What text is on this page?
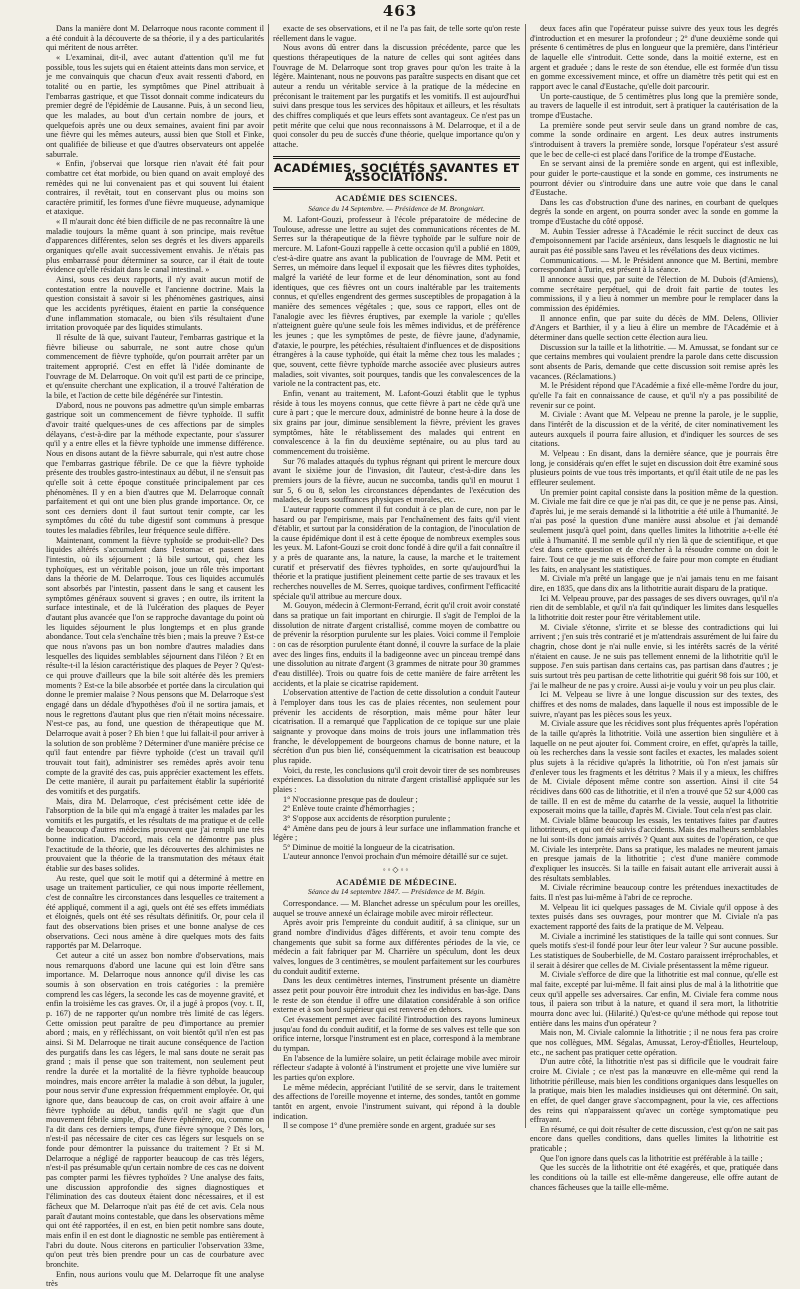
463

Dans la manière dont M. Delarroque nous raconte comment il a été conduit à la découverte de sa théorie, il y a des particularités qui méritent de nous arrêter.

« L'examinai, dit-il, avec autant d'attention qu'il me fut possible, tous les sujets qui en étaient atteints dans mon service, et je me convainquis que chacun d'eux avait ressenti d'abord, en totalité ou en partie, les symptômes que Pinel attribuait à l'embarras gastrique, et que Tissot donnait comme indicateurs du premier degré de l'épidémie de Lausanne. Puis, à un second lieu, que les malades, au bout d'un certain nombre de jours, et quelquefois après une ou deux semaines, avaient fini par avoir une fièvre qui les mêmes auteurs, aussi bien que Stoll et Finke, ont qualifiée de bilieuse et que d'autres observateurs ont appelée saburrale.

« Enfin, j'observai que lorsque rien n'avait été fait pour combattre cet état morbide, ou bien quand on avait employé des remèdes qui ne lui convenaient pas et qui souvent lui étaient contraires, il revêtait, tout en conservant plus ou moins son caractère primitif, les formes d'une fièvre muqueuse, adynamique et ataxique.

« Il m'aurait donc été bien difficile de ne pas reconnaître là une maladie toujours la même quant à son principe, mais revêtue d'apparences différentes, selon ses degrés et les divers appareils organiques qu'elle avait successivement envahis. Je n'étais pas plus embarrassé pour déterminer sa source, car il était de toute évidence qu'elle résidait dans le canal intestinal. »

Ainsi, sous ces deux rapports, il n'y avait aucun motif de contestation entre la nouvelle et l'ancienne doctrine. Mais la question consistait à savoir si les phénomènes gastriques, ainsi que les accidents pyrétiques, étaient en partie la conséquence d'une inflammation stomacale, ou bien s'ils résultaient d'une irritation provoquée par des liquides stimulants.

Il résulte de là que, suivant l'auteur, l'embarras gastrique et la fièvre bilieuse ou saburrale, ne sont autre chose qu'un commencement de fièvre typhoïde, qu'on pourrait arrêter par un traitement approprié. C'est en effet là l'idée dominante de l'ouvrage de M. Delarroque. On voit qu'il est parti de ce principe, et qu'ensuite cherchant une explication, il a trouvé l'altération de la bile, et l'action de cette bile dégénérée sur l'intestin.

D'abord, nous ne pouvons pas admettre qu'un simple embarras gastrique soit un commencement de fièvre typhoïde. Il suffit d'avoir traité quelques-unes de ces affections par de simples délayans, c'est-à-dire par la méthode expectante, pour s'assurer qu'il y a entre elles et la fièvre typhoïde une immense différence. Nous en disons autant de la fièvre saburrale, qui n'est autre chose que l'embarras gastrique fébrile. De ce que la fièvre typhoïde présente des troubles gastro-intestinaux au début, il ne s'ensuit pas qu'elle soit à cette époque constituée principalement par ces phénomènes. Il y en a bien d'autres que M. Delarroque connaît parfaitement et qui ont une bien plus grande importance. Or, ce sont ces derniers dont il faut surtout tenir compte, car les symptômes du côté du tube digestif sont communs à presque toutes les maladies fébriles, leur fréquence seule diffère.

Maintenant, comment la fièvre typhoïde se produit-elle? Des liquides altérés s'accumulent dans l'estomac et passent dans l'intestin, où ils séjournent ; là bile surtout, qui, chez les typhoïques, est un véritable poison, joue un rôle très important dans la théorie de M. Delarroque. Tous ces liquides accumulés sont absorbés par l'intestin, passent dans le sang et causent les symptômes généraux souvent si graves ; en outre, ils irritent la surface intestinale, et de là l'ulcération des plaques de Peyer d'autant plus avancée que l'on se rapproche davantage du point où les liquides séjournent le plus longtemps et en plus grande abondance. Tout cela s'enchaîne très bien ; mais la preuve ? Est-ce que nous n'avons pas un bon nombre d'autres maladies dans lesquelles des liquides semblables séjournent dans l'iléon ? Et en résulte-t-il la lésion caractéristique des plaques de Peyer ? Qu'est-ce qui prouve d'ailleurs que la bile soit altérée dès les premiers moments ? Est-ce la bile absorbée et portée dans la circulation qui donne le premier malaise ? Nous pensons que M. Delarroque s'est engagé dans un dédale d'hypothèses d'où il ne sortira jamais, et nous le regrettons d'autant plus que rien n'était moins nécessaire. N'est-ce pas, au fond, une question de thérapeutique que M. Delarroque avait à poser ? Eh bien ! que lui fallait-il pour arriver à la solution de son problème ? Déterminer d'une manière précise ce qu'il faut entendre par fièvre typhoïde (c'est un travail qu'il trouvait tout fait), administrer ses remèdes après avoir tenu compte de la gravité des cas, puis apprécier exactement les effets. De cette manière, il aurait pu parfaitement établir la supériorité des vomitifs et des purgatifs.

Mais, dira M. Delarroque, c'est précisément cette idée de l'absorption de la bile qui m'a engagé à traiter les malades par les vomitifs et les purgatifs, et les résultats de ma pratique et de celle de beaucoup d'autres médecins prouvent que j'ai rempli une très bonne indication. D'accord, mais cela ne démontre pas plus l'exactitude de la théorie, que les découvertes des alchimistes ne prouvaient que la théorie de la transmutation des métaux était établie sur des bases solides.

Au reste, quel que soit le motif qui a déterminé à mettre en usage un traitement particulier, ce qui nous importe réellement, c'est de connaître les circonstances dans lesquelles ce traitement a été appliqué, comment il a agi, quels ont été ses effets immédiats et éloignés, quels ont été ses résultats définitifs. Or, pour cela il faut des observations bien prises et une bonne analyse de ces observations. Ceci nous amène à dire quelques mots des faits rapportés par M. Delarroque.

Cet auteur a cité un assez bon nombre d'observations, mais nous remarquons d'abord une lacune qui est loin d'être sans importance. M. Delarroque nous annonce qu'il divise les cas soumis à son observation en trois catégories : la première comprend les cas légers, la seconde les cas de moyenne gravité, et enfin la troisième les cas graves. Or, il a jugé à propos (voy. t. II, p. 167) de ne rapporter qu'un nombre très limité de cas légers. Cette omission peut paraître de peu d'importance au premier abord ; mais, en y réfléchissant, on voit bientôt qu'il n'en est pas ainsi. Si M. Delarroque ne tirait aucune conséquence de l'action des purgatifs dans les cas légers, le mal sans doute ne serait pas grand ; mais il pense que son traitement, non seulement peut rendre la durée et la mortalité de la fièvre typhoïde beaucoup moindres, mais encore arrêter la maladie à son début, la juguler, pour nous servir d'une expression fréquemment employée. Or, qui ignore que, dans beaucoup de cas, on croit avoir affaire à une fièvre typhoïde au début, tandis qu'il ne s'agit que d'un mouvement fébrile simple, d'une fièvre éphémère, ou, comme on l'a dit dans ces derniers temps, d'une fièvre synoque ? Dès lors, n'est-il pas nécessaire de citer ces cas légers sur lesquels on se fonde pour démontrer la puissance du traitement ? Et si M. Delarroque a négligé de rapporter beaucoup de cas très légers, n'est-il pas présumable qu'un certain nombre de ces cas ne doivent pas compter parmi les fièvres typhoïdes ? Une analyse des faits, une discussion approfondie des signes diagnostiques et l'élimination des cas douteux étaient donc nécessaires, et il est fâcheux que M. Delarroque n'ait pas été de cet avis. Cela nous paraît d'autant moins contestable, que dans les observations même qui ont été rapportées, il en est, en bien petit nombre sans doute, mais enfin il en est dont le diagnostic ne semble pas entièrement à l'abri du doute. Nous citerons en particulier l'observation 33me, qu'on peut très bien prendre pour un cas de courbature avec bronchite.

Enfin, nous aurions voulu que M. Delarroque fît une analyse très

exacte de ses observations, et il ne l'a pas fait, de telle sorte qu'on reste réellement dans le vague.

Nous avons dû entrer dans la discussion précédente, parce que les questions thérapeutiques de la nature de celles qui sont agitées dans l'ouvrage de M. Delarroque sont trop graves pour qu'on les traite à la légère. Maintenant, nous ne pouvons pas paraître suspects en disant que cet auteur a rendu un véritable service à la pratique de la médecine en préconisant le traitement par les purgatifs et les vomitifs. Il est aujourd'hui suivi dans presque tous les services des hôpitaux et ailleurs, et les résultats des chiffres compliqués et que leurs effets sont avantageux. Ce n'est pas un petit mérite que celui que nous reconnaissons à M. Delarroque, et il a de quoi consoler du peu de succès d'une théorie, quelque importance qu'on y attache.

ACADÉMIES, SOCIÉTÉS SAVANTES ET ASSOCIATIONS.
ACADÉMIE DES SCIENCES.
Séance du 14 Septembre. — Présidence de M. Brongniart.

M. Lafont-Gouzi, professeur à l'école préparatoire de médecine de Toulouse, adresse une lettre au sujet des communications récentes de M. Serres sur la thérapeutique de la fièvre typhoïde par le sulfure noir de mercure. M. Lafont-Gouzi rappelle à cette occasion qu'il a publié en 1809, c'est-à-dire quatre ans avant la publication de l'ouvrage de MM. Petit et Serres, un mémoire dans lequel il exposait que les fièvres dites typhoïdes, malgré la variété de leur forme et de leur dénomination, sont au fond identiques, que ces fièvres ont un cours inaltérable par les traitements connus, et qu'elles engendrent des germes susceptibles de propagation à la manière des semences végétales ; que, sous ce rapport, elles ont de l'analogie avec les fièvres éruptives, par exemple la variole ; qu'elles n'atteignent guère qu'une seule fois les mêmes individus, et de préférence les jeunes ; que les symptômes de peste, de fièvre jaune, d'adynamie, d'ataxie, le pourpre, les pétéchies, résultaient d'influences et de dispositions étrangères à la cause typhoïde, qui était la même chez tous les malades ; que, souvent, cette fièvre typhoïde marche associée avec plusieurs autres maladies, soit vivantes, soit pourques, tandis que les convalescences de la variole ne la contractent pas, etc.

Enfin, venant au traitement, M. Lafont-Gouzi établit que le typhus réside à tous les moyens connus, que cette fièvre à part ne cède qu'à une cure à part ; que le mercure doux, administré de bonne heure à la dose de six grains par jour, diminue sensiblement la fièvre, prévient les graves symptômes, hâte le rétablissement des malades qui entrent en convalescence à la fin du deuxième septénaire, ou au plus tard au commencement du troisième.

Sur 76 malades attaqués du typhus régnant qui prirent le mercure doux avant le sixième jour de l'invasion, dit l'auteur, c'est-à-dire dans les premiers jours de la fièvre, aucun ne succomba, tandis qu'il en mourut 1 sur 5, 6 ou 8, selon les circonstances dépendantes de l'exécution des malades, de leurs souffrances physiques et morales, etc.

L'auteur rapporte comment il fut conduit à ce plan de cure, non par le hasard ou par l'empirisme, mais par l'enchaînement des faits qu'il vient d'établir, et surtout par la considération de la contagion, de l'inoculation de la cause épidémique dont il est à cette époque de nombreux exemples sous les yeux. M. Lafont-Gouzi se croit donc fondé à dire qu'il a fait connaître il y a près de quarante ans, la nature, la cause, la marche et le traitement curatif et préservatif des fièvres typhoïdes, en sorte qu'aujourd'hui la théorie et la pratique justifient pleinement cette partie de ses travaux et les recherches nouvelles de M. Serres, quoique tardives, confirment l'efficacité spéciale qu'il attribue au mercure doux.

M. Gouyon, médecin à Clermont-Ferrand, écrit qu'il croit avoir constaté dans sa pratique un fait important en chirurgie. Il s'agit de l'emploi de la dissolution de nitrate d'argent cristallisé, comme moyen de combattre ou de prévenir la résorption purulente sur les plaies. Voici comme il l'emploie : on cas de résorption purulente étant donné, il couvre la surface de la plaie avec des linges fins, enduits il la badigeonne avec un pinceau trempé dans une dissolution au nitrate d'argent (3 grammes de nitrate pour 30 grammes d'eau distillée). Trois ou quatre fois de cette manière de faire arrêtent les accidents, et la plaie se cicatrise rapidement.

L'observation attentive de l'action de cette dissolution a conduit l'auteur à l'employer dans tous les cas de plaies récentes, non seulement pour prévenir les accidents de résorption, mais même pour hâter leur cicatrisation. Il a remarqué que l'application de ce topique sur une plaie saignante y provoque dans moins de trois jours une inflammation très franche, le développement de bourgeons charnus de bonne nature, et la sécrétion d'un pus bien lié, conséquemment la cicatrisation est beaucoup plus rapide.

Voici, du reste, les conclusions qu'il croit devoir tirer de ses nombreuses expériences. La dissolution du nitrate d'argent cristallisé appliquée sur les plaies :

1° N'occasionne presque pas de douleur ;

2° Enlève toute crainte d'hémorrhagies ;

3° S'oppose aux accidents de résorption purulente ;

4° Amène dans peu de jours à leur surface une inflammation franche et légère ;

5° Diminue de moitié la longueur de la cicatrisation.

L'auteur annonce l'envoi prochain d'un mémoire détaillé sur ce sujet.

◦◦◇◦◦
ACADÉMIE DE MÉDECINE.
Séance du 14 septembre 1847. — Présidence de M. Bégin.

Correspondance. — M. Blanchet adresse un spéculum pour les oreilles, auquel se trouve annexé un éclairage mobile avec miroir réflecteur.

Après avoir pris l'empreinte du conduit auditif, à sa clinique, sur un grand nombre d'individus d'âges différents, et avoir tenu compte des changements que subit sa forme aux différentes périodes de la vie, ce médecin a fait fabriquer par M. Charrière un spéculum, dont les deux valves, longues de 3 centimètres, se moulent parfaitement sur les courbures du conduit auditif externe.

Dans les deux centimètres internes, l'instrument présente un diamètre assez petit pour pouvoir être introduit chez les individus en bas-âge. Dans le reste de son étendue il offre une dilatation considérable à son orifice externe et à son bord supérieur qui est renversé en dehors.

Cet évasement permet avec facilité l'introduction des rayons lumineux jusqu'au fond du conduit auditif, et la forme de ses valves est telle que son orifice interne, lorsque l'instrument est en place, correspond à la membrane du tympan.

En l'absence de la lumière solaire, un petit éclairage mobile avec miroir réflecteur s'adapte à volonté à l'instrument et projette une vive lumière sur les parties qu'on explore.

Le même médecin, appréciant l'utilité de se servir, dans le traitement des affections de l'oreille moyenne et interne, des sondes, tantôt en gomme tantôt en argent, envoie l'instrument suivant, qui répond à la double indication.

Il se compose 1° d'une première sonde en argent, graduée sur ses

deux faces afin que l'opérateur puisse suivre des yeux tous les degrés d'introduction et en mesurer la profondeur ; 2° d'une deuxième sonde qui présente 6 centimètres de plus en longueur que la première, dans l'intérieur de laquelle elle s'introduit. Cette sonde, dans la moitié externe, est en argent et graduée ; dans le reste de son étendue, elle est formée d'un tissu en gomme excessivement mince, et offre un diamètre très petit qui est en rapport avec le canal d'Eustache, qu'elle doit parcourir.

Un porte-caustique, de 5 centimètres plus long que la première sonde, au travers de laquelle il est introduit, sert à pratiquer la cautérisation de la trompe d'Eustache.

La première sonde peut servir seule dans un grand nombre de cas, comme la sonde ordinaire en argent. Les deux autres instruments s'introduisent à travers la première sonde, lorsque l'opérateur s'est assuré que le bec de celle-ci est placé dans l'orifice de la trompe d'Eustache.

En se servant ainsi de la première sonde en argent, qui est inflexible, pour guider le porte-caustique et la sonde en gomme, ces instruments ne pourront dévier ou s'introduire dans une autre voie que dans le canal d'Eustache.

Dans les cas d'obstruction d'une des narines, en courbant de quelques degrés la sonde en argent, on pourra sonder avec la sonde en gomme la trompe d'Eustache du côté opposé.

M. Aubin Tessier adresse à l'Académie le récit succinct de deux cas d'empoisonnement par l'acide arsénieux, dans lesquels le diagnostic ne lui aurait pas été possible sans l'aveu et les révélations des deux victimes.

Communications. — M. le Président annonce que M. Bertini, membre correspondant à Turin, est présent à la séance.

Il annonce aussi que, par suite de l'élection de M. Dubois (d'Amiens), comme secrétaire perpétuel, qui de droit fait partie de toutes les commissions, il y a lieu à nommer un membre pour le remplacer dans la commission des épidémies.

Il annonce enfin, que par suite du décès de MM. Delens, Ollivier d'Angers et Barthier, il y a lieu à élire un membre de l'Académie et à déterminer dans quelle section cette élection aura lieu.

Discussion sur la taille et la lithotritie. — M. Amussat, se fondant sur ce que certains membres qui voulaient prendre la parole dans cette discussion sont absents de Paris, demande que cette discussion soit remise après les vacances. (Réclamations.)

M. le Président répond que l'Académie a fixé elle-même l'ordre du jour, qu'elle l'a fait en connaissance de cause, et qu'il n'y a pas possibilité de revenir sur ce point.

M. Civiale : Avant que M. Velpeau ne prenne la parole, je le supplie, dans l'intérêt de la discussion et de la vérité, de citer nominativement les auteurs auxquels il pourra faire allusion, et d'indiquer les sources de ses citations.

M. Velpeau : En disant, dans la dernière séance, que je pourrais être long, je considérais qu'en effet le sujet en discussion doit être examiné sous plusieurs points de vue tous très importants, et qu'il était utile de ne pas les effleurer seulement.

Un premier point capital consiste dans la position même de la question. M. Civiale me fait dire ce que je n'ai pas dit, ce que je ne pense pas. Ainsi, d'après lui, je me serais demandé si la lithotritie a été utile à l'humanité. Je n'ai pas posé la question d'une manière aussi absolue et j'ai demandé seulement jusqu'à quel point, dans quelles limites la lithotritie a-t-elle été utile à l'humanité. Il me semble qu'il n'y rien là que de scientifique, et que c'est dans cette question et de chercher à la résoudre comme on doit le faire. Tout ce que je me suis efforcé de faire pour mon compte en étudiant les faits, en analysant les statistiques.

M. Civiale m'a prêté un langage que je n'ai jamais tenu en me faisant dire, en 1835, que dans dix ans la lithotritie aurait disparu de la pratique.

Ici M. Velpeau prouve, par des passages de ses divers ouvrages, qu'il n'a rien dit de semblable, et qu'il n'a fait qu'indiquer les limites dans lesquelles la lithotritie doit rester pour être véritablement utile.

M. Civiale s'étonne, s'irrite et se blesse des contradictions qui lui arrivent ; j'en suis très contrarié et je m'attendrais assurément de lui faire du chagrin, chose dont je n'ai nulle envie, si les intérêts sacrés de la vérité n'étaient en cause. Je ne suis pas tellement ennemi de la lithotritie qu'il le suppose. J'en suis partisan dans certains cas, pas partisan dans d'autres ; je suis surtout très peu partisan de cette lithotritie qui guérit 98 fois sur 100, et j'ai le malheur de ne pas y croire. Aussi ai-je voulu y voir un peu plus clair.

Ici M. Velpeau se livre à une longue discussion sur des textes, des chiffres et des noms de malades, dans laquelle il nous est impossible de le suivre, n'ayant pas les pièces sous les yeux.

M. Civiale assure que les récidives sont plus fréquentes après l'opération de la taille qu'après la lithotritie. Voilà une assertion bien singulière et à laquelle on ne peut ajouter foi. Comment croire, en effet, qu'après la taille, où les recherches dans la vessie sont faciles et exactes, les malades soient plus sujets à la récidive qu'après la lithotritie, où l'on n'est jamais sûr d'enlever tous les fragments et les détritus ? Mais il y a mieux, les chiffres de M. Civiale déposent même contre son assertion. Ainsi il cite 54 récidives dans 600 cas de lithotritie, et il n'en a trouvé que 52 sur 4,000 cas de taille. Il en est de même du catarrhe de la vessie, auquel la lithotritie exposerait moins que la taille, d'après M. Civiale. Tout cela n'est pas clair.

M. Civiale blâme beaucoup les essais, les tentatives faites par d'autres lithotriteurs, et qui ont été suivis d'accidents. Mais des malheurs semblables ne lui sont-ils donc jamais arrivés ? Quant aux suites de l'opération, ce que M. Civiale les interprète. Dans sa pratique, les malades ne meurent jamais en presque jamais de la lithotritie ; c'est d'une manière commode d'expliquer les insuccès. Si la taille en faisait autant elle arriverait aussi à des résultats semblables.

M. Civiale récrimine beaucoup contre les prétendues inexactitudes de faits. Il n'est pas lui-même à l'abri de ce reproche.

M. Velpeau lit ici quelques passages de M. Civiale qu'il oppose à des textes puisés dans ses ouvrages, pour montrer que M. Civiale n'a pas exactement rapporté des faits de la pratique de M. Velpeau.

M. Civiale a incriminé les statistiques de la taille qui sont connues. Sur quels motifs s'est-il fondé pour leur ôter leur valeur ? Sur aucune possible. Les statistiques de Souberbielle, de M. Costaro paraissent irréprochables, et il serait à désirer que celles de M. Civiale présentassent la même rigueur.

M. Civiale s'efforce de dire que la lithotritie est mal connue, qu'elle est mal faite, excepté par lui-même. Il fait ainsi plus de mal à la lithotritie que ceux qu'il appelle ses adversaires. Car enfin, M. Civiale fera comme nous tous, il paiera son tribut à la nature, et quand il sera mort, la lithotritie mourra donc avec lui. (Hilarité.) Qu'est-ce qu'une méthode qui repose tout entière dans les mains d'un opérateur ?

Mais non, M. Civiale calomnie la lithotritie ; il ne nous fera pas croire que nos collègues, MM. Ségalas, Amussat, Leroy-d'Étiolles, Heurteloup, etc., ne sachent pas pratiquer cette opération.

D'un autre côté, la lithotritie n'est pas si difficile que le voudrait faire croire M. Civiale ; ce n'est pas la manœuvre en elle-même qui rend la lithotritie périlleuse, mais bien les conditions organiques dans lesquelles on la pratique, mais bien les maladies insidieuses qui ont déterminé. On sait, en effet, de quel danger grave s'accompagnent, pour la vie, ces affections des reins qui n'apparaissent qu'avec un cortège symptomatique peu effrayant.

En résumé, ce qui doit résulter de cette discussion, c'est qu'on ne sait pas encore dans quelles conditions, dans quelles limites la lithotritie est praticable ;

Que l'on ignore dans quels cas la lithotritie est préférable à la taille ;

Que les succès de la lithotritie ont été exagérés, et que, pratiquée dans les conditions où la taille est elle-même dangereuse, elle offre autant de chances fâcheuses que la taille elle-même.
